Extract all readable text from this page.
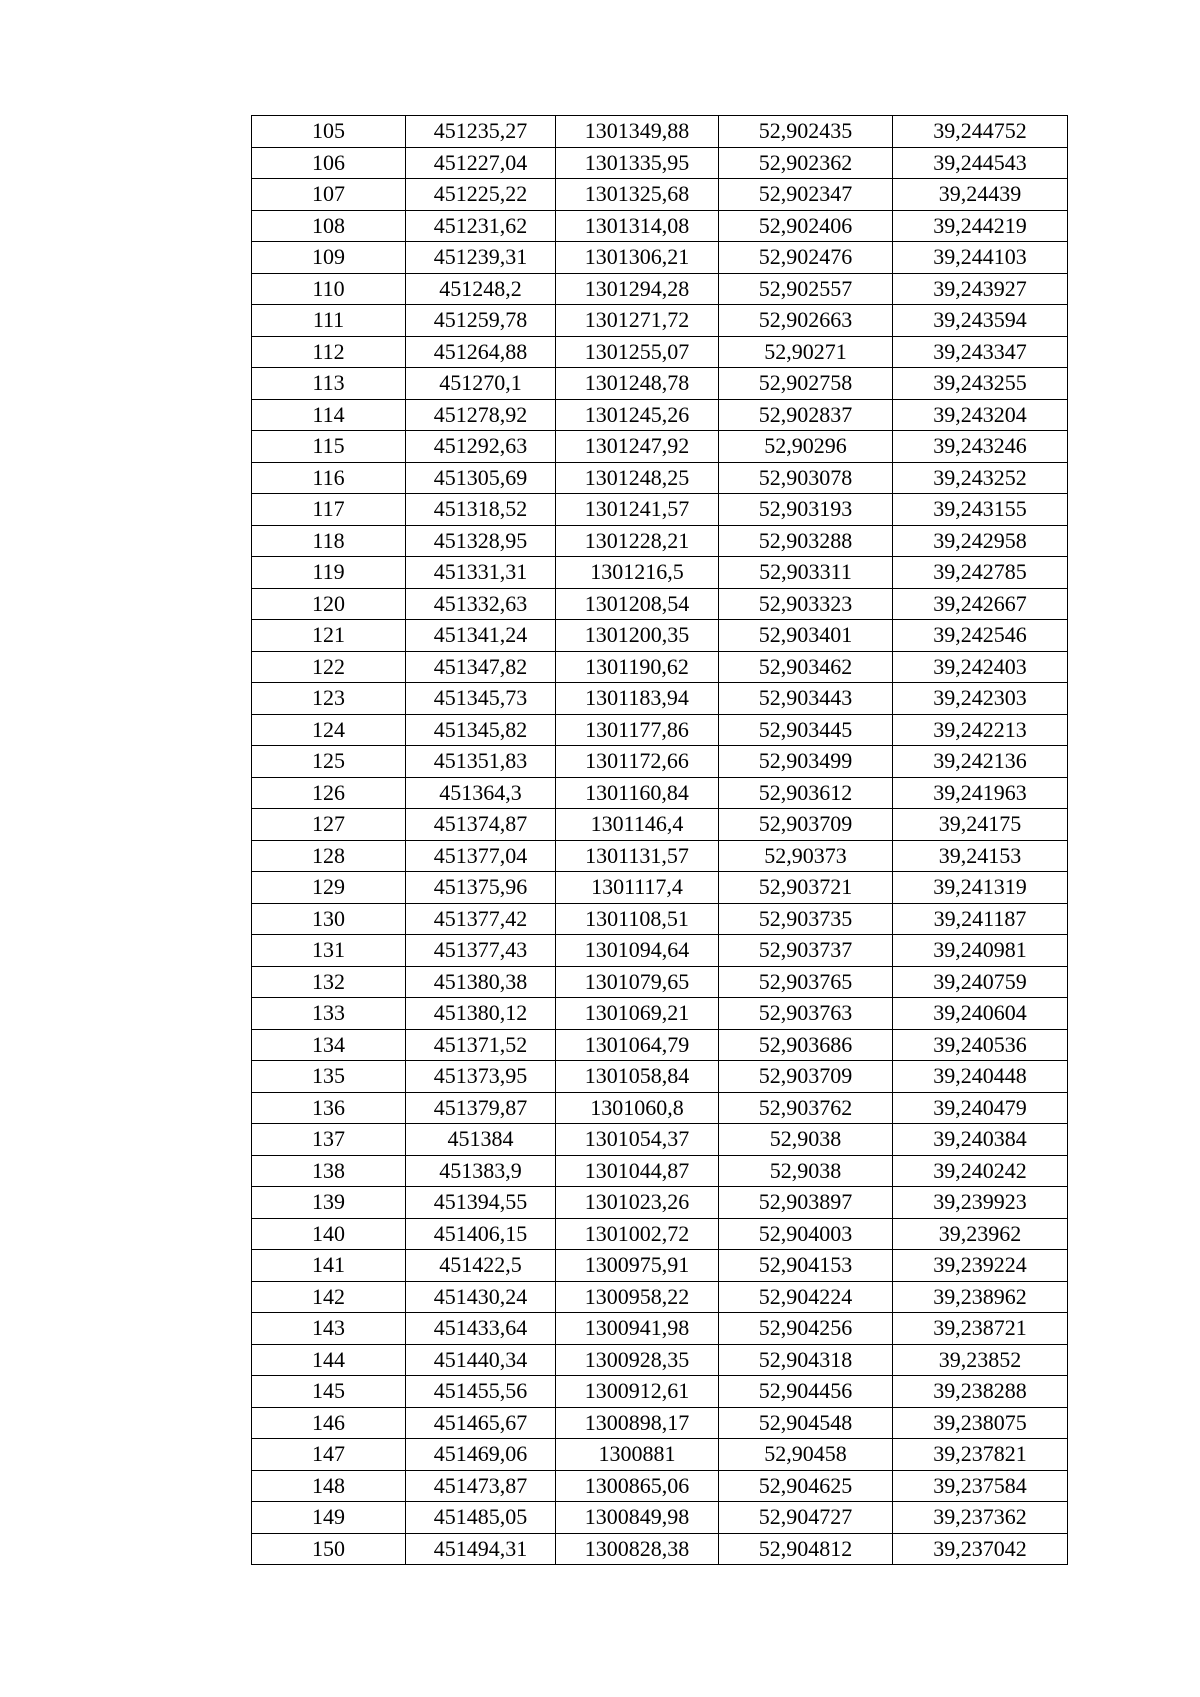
105	451235,27	1301349,88	52,902435	39,244752
106	451227,04	1301335,95	52,902362	39,244543
107	451225,22	1301325,68	52,902347	39,24439
108	451231,62	1301314,08	52,902406	39,244219
109	451239,31	1301306,21	52,902476	39,244103
110	451248,2	1301294,28	52,902557	39,243927
111	451259,78	1301271,72	52,902663	39,243594
112	451264,88	1301255,07	52,90271	39,243347
113	451270,1	1301248,78	52,902758	39,243255
114	451278,92	1301245,26	52,902837	39,243204
115	451292,63	1301247,92	52,90296	39,243246
116	451305,69	1301248,25	52,903078	39,243252
117	451318,52	1301241,57	52,903193	39,243155
118	451328,95	1301228,21	52,903288	39,242958
119	451331,31	1301216,5	52,903311	39,242785
120	451332,63	1301208,54	52,903323	39,242667
121	451341,24	1301200,35	52,903401	39,242546
122	451347,82	1301190,62	52,903462	39,242403
123	451345,73	1301183,94	52,903443	39,242303
124	451345,82	1301177,86	52,903445	39,242213
125	451351,83	1301172,66	52,903499	39,242136
126	451364,3	1301160,84	52,903612	39,241963
127	451374,87	1301146,4	52,903709	39,24175
128	451377,04	1301131,57	52,90373	39,24153
129	451375,96	1301117,4	52,903721	39,241319
130	451377,42	1301108,51	52,903735	39,241187
131	451377,43	1301094,64	52,903737	39,240981
132	451380,38	1301079,65	52,903765	39,240759
133	451380,12	1301069,21	52,903763	39,240604
134	451371,52	1301064,79	52,903686	39,240536
135	451373,95	1301058,84	52,903709	39,240448
136	451379,87	1301060,8	52,903762	39,240479
137	451384	1301054,37	52,9038	39,240384
138	451383,9	1301044,87	52,9038	39,240242
139	451394,55	1301023,26	52,903897	39,239923
140	451406,15	1301002,72	52,904003	39,23962
141	451422,5	1300975,91	52,904153	39,239224
142	451430,24	1300958,22	52,904224	39,238962
143	451433,64	1300941,98	52,904256	39,238721
144	451440,34	1300928,35	52,904318	39,23852
145	451455,56	1300912,61	52,904456	39,238288
146	451465,67	1300898,17	52,904548	39,238075
147	451469,06	1300881	52,90458	39,237821
148	451473,87	1300865,06	52,904625	39,237584
149	451485,05	1300849,98	52,904727	39,237362
150	451494,31	1300828,38	52,904812	39,237042
